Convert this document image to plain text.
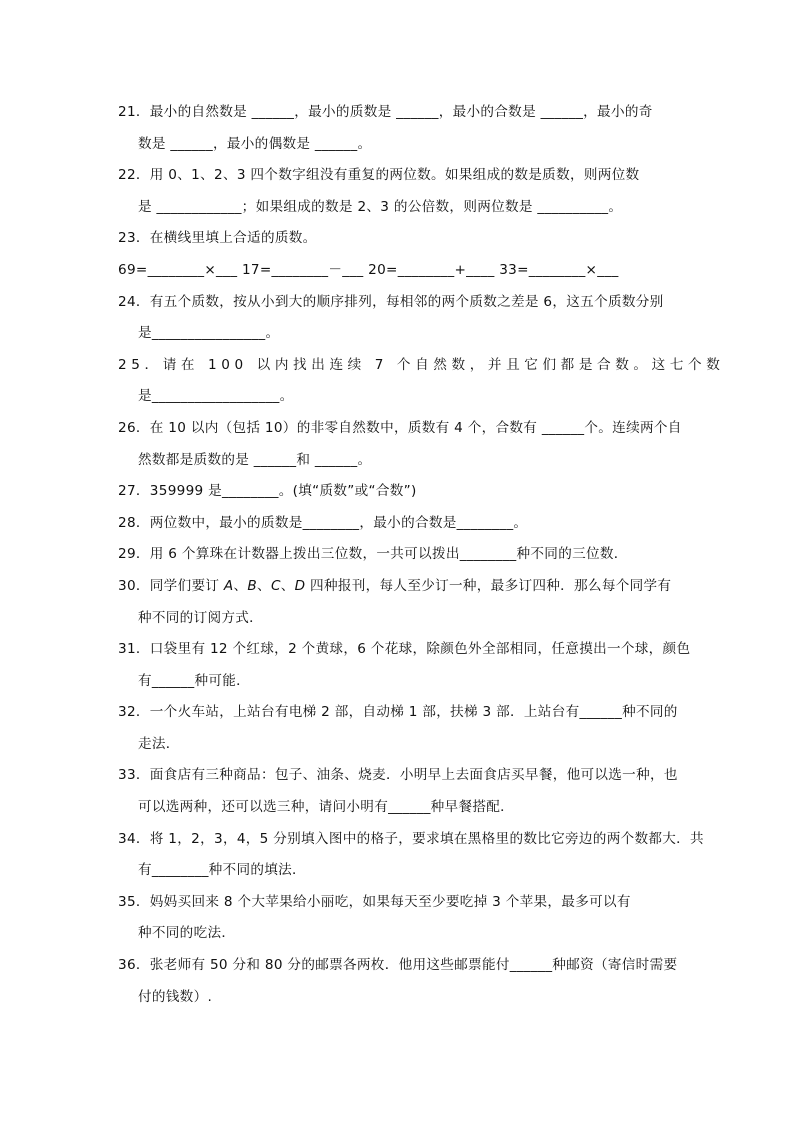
21．最小的自然数是 ______，最小的质数是 ______，最小的合数是 ______，最小的奇
数是 ______，最小的偶数是 ______。
22．用 0、1、2、3 四个数字组没有重复的两位数。如果组成的数是质数，则两位数
是 ____________；如果组成的数是 2、3 的公倍数，则两位数是 __________。
23．在横线里填上合适的质数。
69=________×___ 17=________－___ 20=________+____ 33=________×___
24．有五个质数，按从小到大的顺序排列，每相邻的两个质数之差是 6，这五个质数分别
是________________。
25．请在 100 以内找出连续 7 个自然数，并且它们都是合数。这七个数
是__________________。
26．在 10 以内（包括 10）的非零自然数中，质数有 4 个，合数有 ______个。连续两个自
然数都是质数的是 ______和 ______。
27．359999 是________。(填“质数”或“合数”)
28．两位数中，最小的质数是________，最小的合数是________。
29．用 6 个算珠在计数器上拨出三位数，一共可以拨出________种不同的三位数．
30．同学们要订 A、B、C、D 四种报刊，每人至少订一种，最多订四种．那么每个同学有
种不同的订阅方式．
31．口袋里有 12 个红球，2 个黄球，6 个花球，除颜色外全部相同，任意摸出一个球，颜色
有______种可能．
32．一个火车站，上站台有电梯 2 部，自动梯 1 部，扶梯 3 部．上站台有______种不同的
走法．
33．面食店有三种商品：包子、油条、烧麦．小明早上去面食店买早餐，他可以选一种，也
可以选两种，还可以选三种，请问小明有______种早餐搭配．
34．将 1，2，3，4，5 分别填入图中的格子，要求填在黑格里的数比它旁边的两个数都大．共
有________种不同的填法．
35．妈妈买回来 8 个大苹果给小丽吃，如果每天至少要吃掉 3 个苹果，最多可以有
种不同的吃法．
36．张老师有 50 分和 80 分的邮票各两枚．他用这些邮票能付______种邮资（寄信时需要
付的钱数）.
